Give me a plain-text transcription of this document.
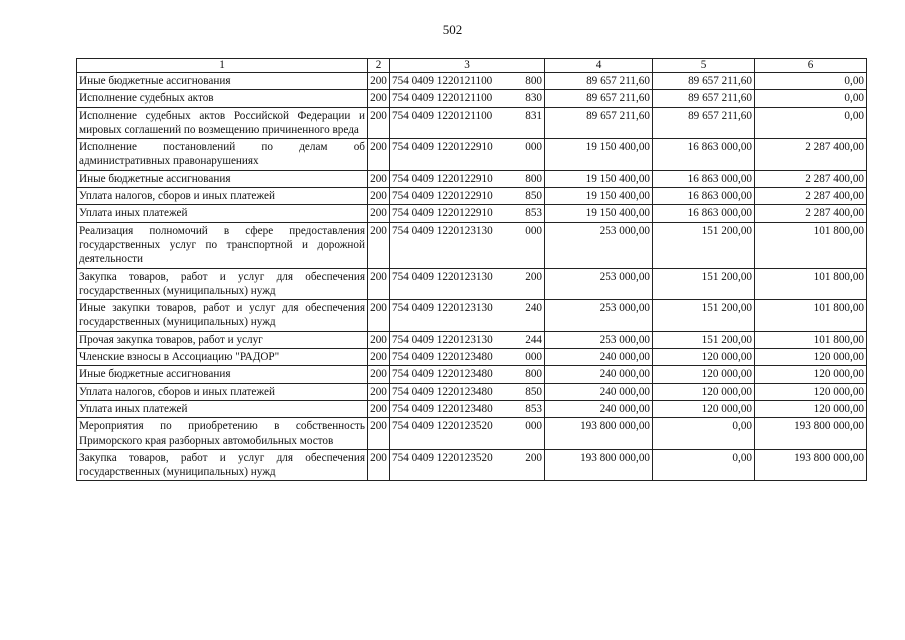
502
1	2	3	4	5	6
Иные бюджетные ассигнования	200	754 0409 1220121100 800	89 657 211,60	89 657 211,60	0,00
Исполнение судебных актов	200	754 0409 1220121100 830	89 657 211,60	89 657 211,60	0,00
Исполнение судебных актов Российской Федерации и мировых соглашений по возмещению причиненного вреда	200	754 0409 1220121100 831	89 657 211,60	89 657 211,60	0,00
Исполнение постановлений по делам об административных правонарушениях	200	754 0409 1220122910 000	19 150 400,00	16 863 000,00	2 287 400,00
Иные бюджетные ассигнования	200	754 0409 1220122910 800	19 150 400,00	16 863 000,00	2 287 400,00
Уплата налогов, сборов и иных платежей	200	754 0409 1220122910 850	19 150 400,00	16 863 000,00	2 287 400,00
Уплата иных платежей	200	754 0409 1220122910 853	19 150 400,00	16 863 000,00	2 287 400,00
Реализация полномочий в сфере предоставления государственных услуг по транспортной и дорожной деятельности	200	754 0409 1220123130 000	253 000,00	151 200,00	101 800,00
Закупка товаров, работ и услуг для обеспечения государственных (муниципальных) нужд	200	754 0409 1220123130 200	253 000,00	151 200,00	101 800,00
Иные закупки товаров, работ и услуг для обеспечения государственных (муниципальных) нужд	200	754 0409 1220123130 240	253 000,00	151 200,00	101 800,00
Прочая закупка товаров, работ и услуг	200	754 0409 1220123130 244	253 000,00	151 200,00	101 800,00
Членские взносы в Ассоциацию "РАДОР"	200	754 0409 1220123480 000	240 000,00	120 000,00	120 000,00
Иные бюджетные ассигнования	200	754 0409 1220123480 800	240 000,00	120 000,00	120 000,00
Уплата налогов, сборов и иных платежей	200	754 0409 1220123480 850	240 000,00	120 000,00	120 000,00
Уплата иных платежей	200	754 0409 1220123480 853	240 000,00	120 000,00	120 000,00
Мероприятия по приобретению в собственность Приморского края разборных автомобильных мостов	200	754 0409 1220123520 000	193 800 000,00	0,00	193 800 000,00
Закупка товаров, работ и услуг для обеспечения государственных (муниципальных) нужд	200	754 0409 1220123520 200	193 800 000,00	0,00	193 800 000,00
